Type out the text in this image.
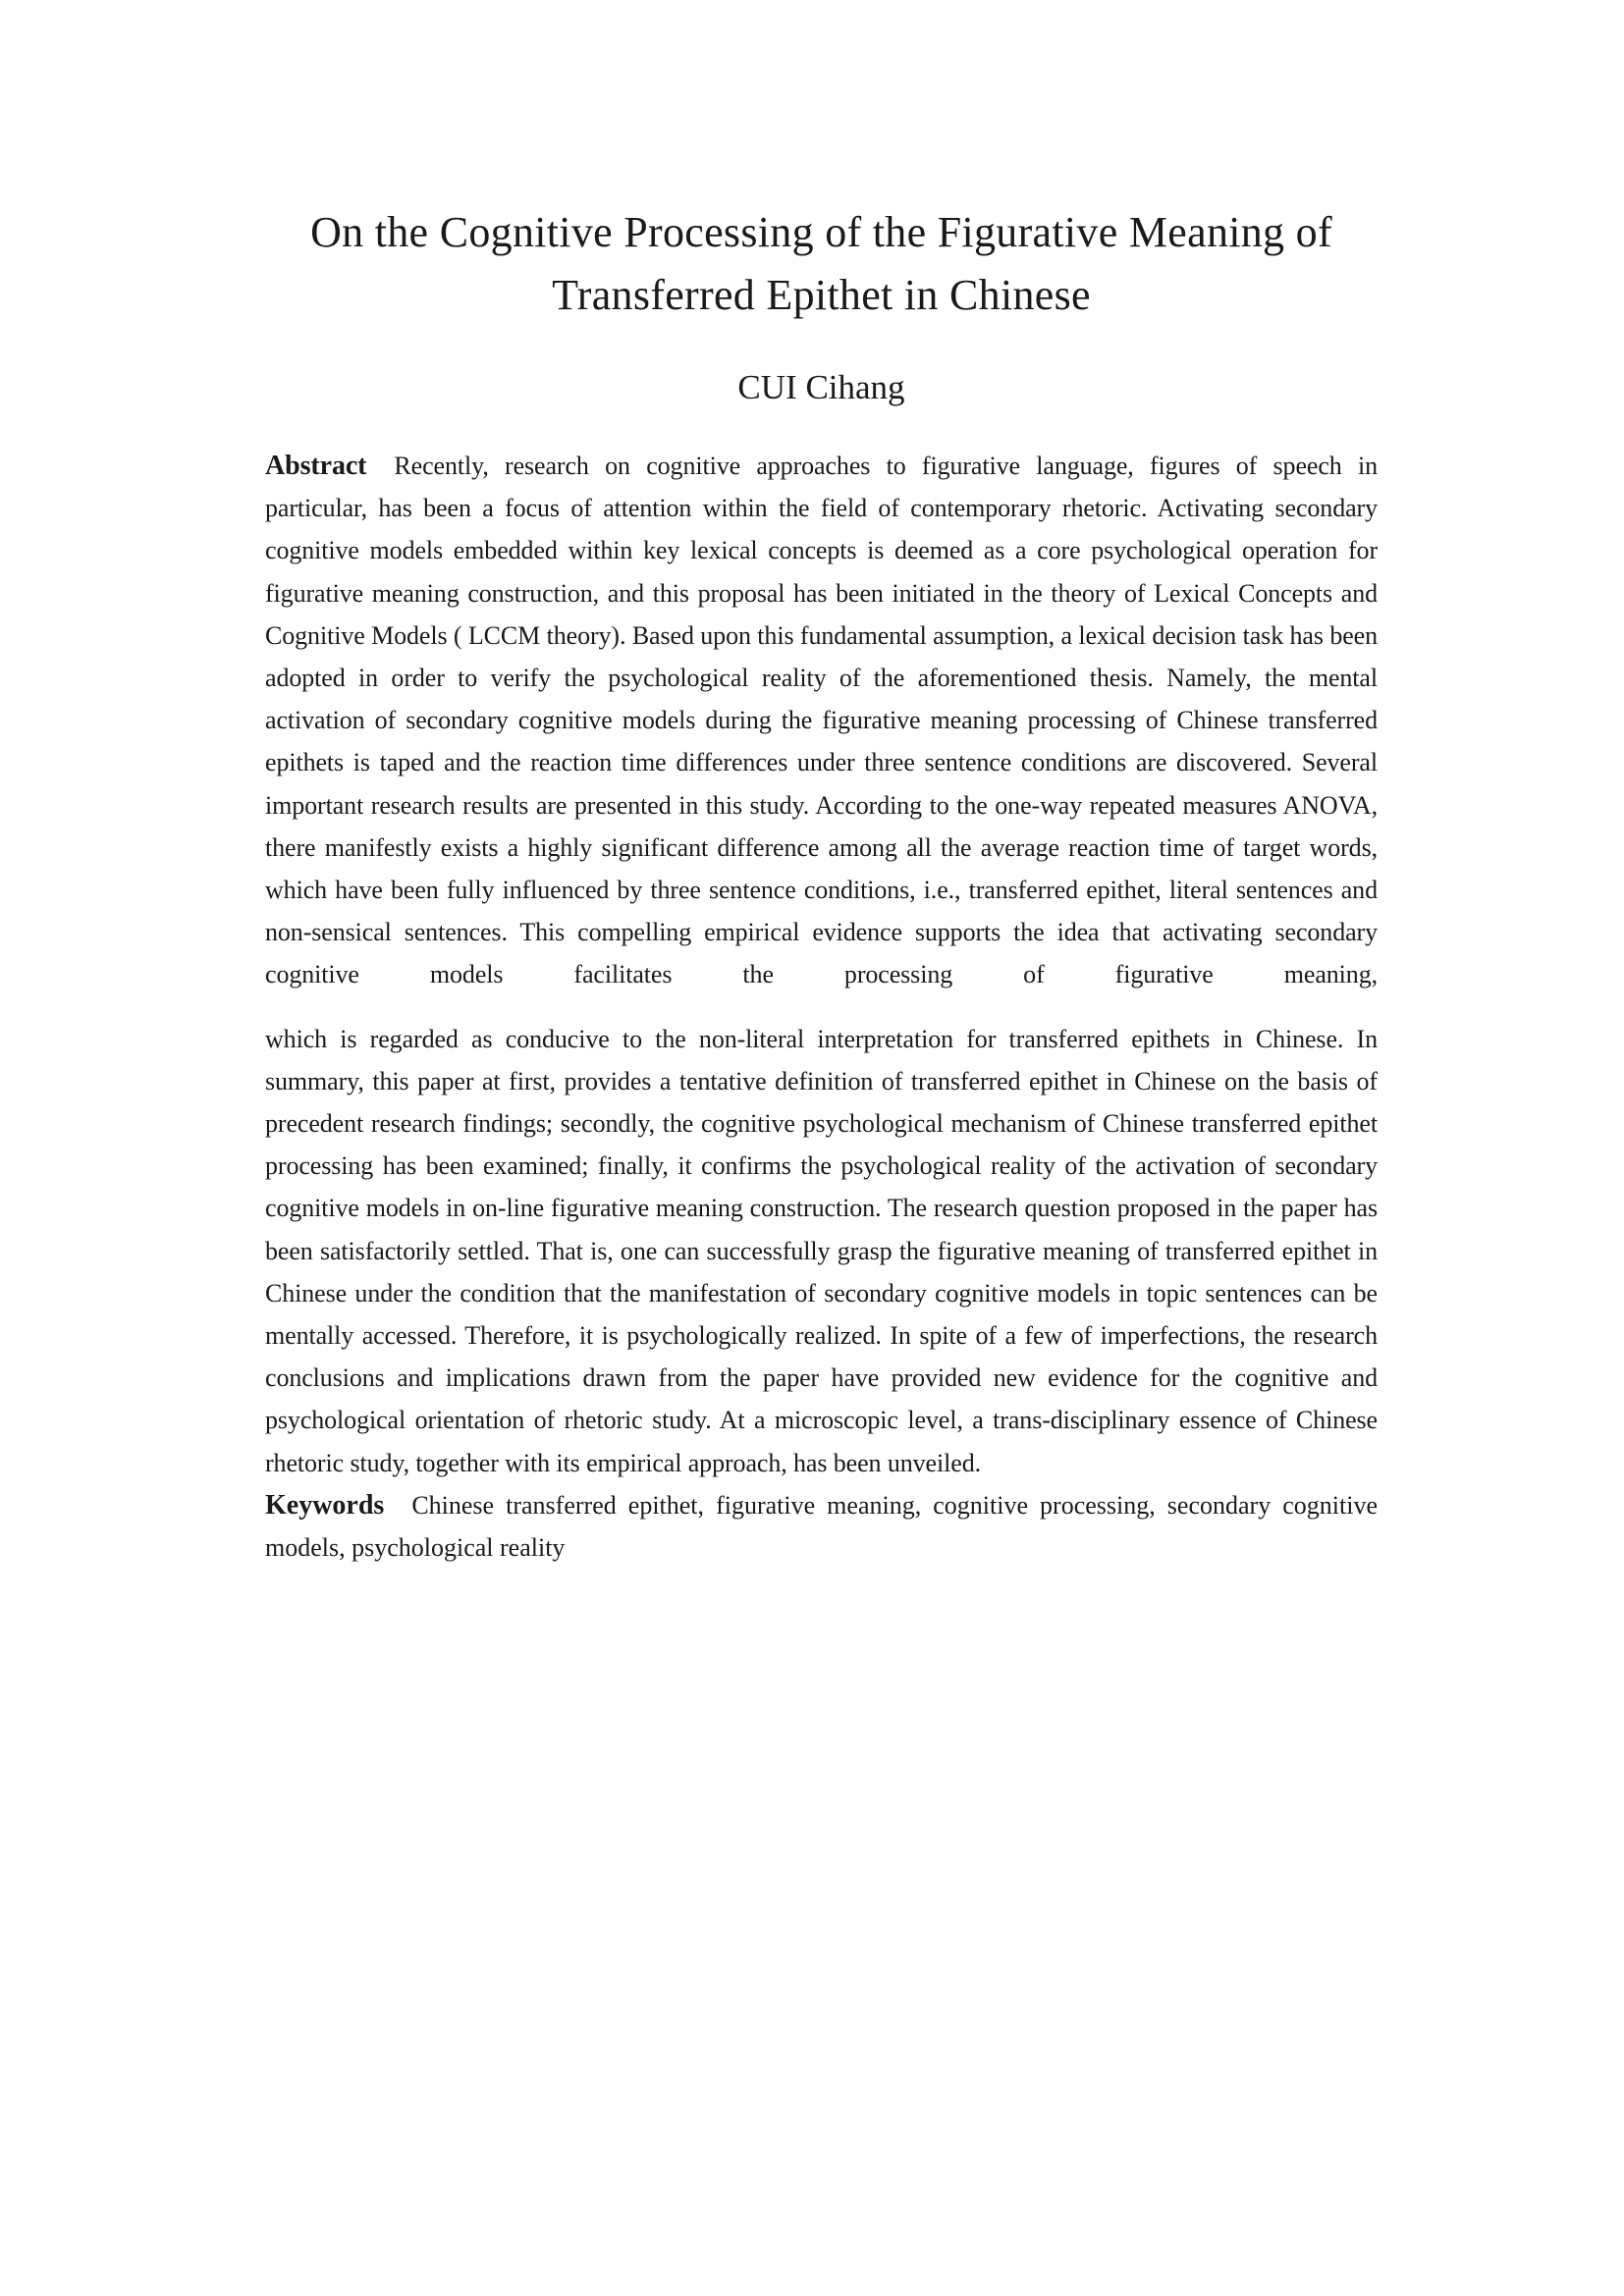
On the Cognitive Processing of the Figurative Meaning of Transferred Epithet in Chinese
CUI Cihang

Abstract Recently, research on cognitive approaches to figurative language, figures of speech in particular, has been a focus of attention within the field of contemporary rhetoric. Activating secondary cognitive models embedded within key lexical concepts is deemed as a core psychological operation for figurative meaning construction, and this proposal has been initiated in the theory of Lexical Concepts and Cognitive Models ( LCCM theory). Based upon this fundamental assumption, a lexical decision task has been adopted in order to verify the psychological reality of the aforementioned thesis. Namely, the mental activation of secondary cognitive models during the figurative meaning processing of Chinese transferred epithets is taped and the reaction time differences under three sentence conditions are discovered. Several important research results are presented in this study. According to the one-way repeated measures ANOVA, there manifestly exists a highly significant difference among all the average reaction time of target words, which have been fully influenced by three sentence conditions, i.e., transferred epithet, literal sentences and non-sensical sentences. This compelling empirical evidence supports the idea that activating secondary cognitive models facilitates the processing of figurative meaning,

which is regarded as conducive to the non-literal interpretation for transferred epithets in Chinese. In summary, this paper at first, provides a tentative definition of transferred epithet in Chinese on the basis of precedent research findings; secondly, the cognitive psychological mechanism of Chinese transferred epithet processing has been examined; finally, it confirms the psychological reality of the activation of secondary cognitive models in on-line figurative meaning construction. The research question proposed in the paper has been satisfactorily settled. That is, one can successfully grasp the figurative meaning of transferred epithet in Chinese under the condition that the manifestation of secondary cognitive models in topic sentences can be mentally accessed. Therefore, it is psychologically realized. In spite of a few of imperfections, the research conclusions and implications drawn from the paper have provided new evidence for the cognitive and psychological orientation of rhetoric study. At a microscopic level, a trans-disciplinary essence of Chinese rhetoric study, together with its empirical approach, has been unveiled.

Keywords Chinese transferred epithet, figurative meaning, cognitive processing, secondary cognitive models, psychological reality
